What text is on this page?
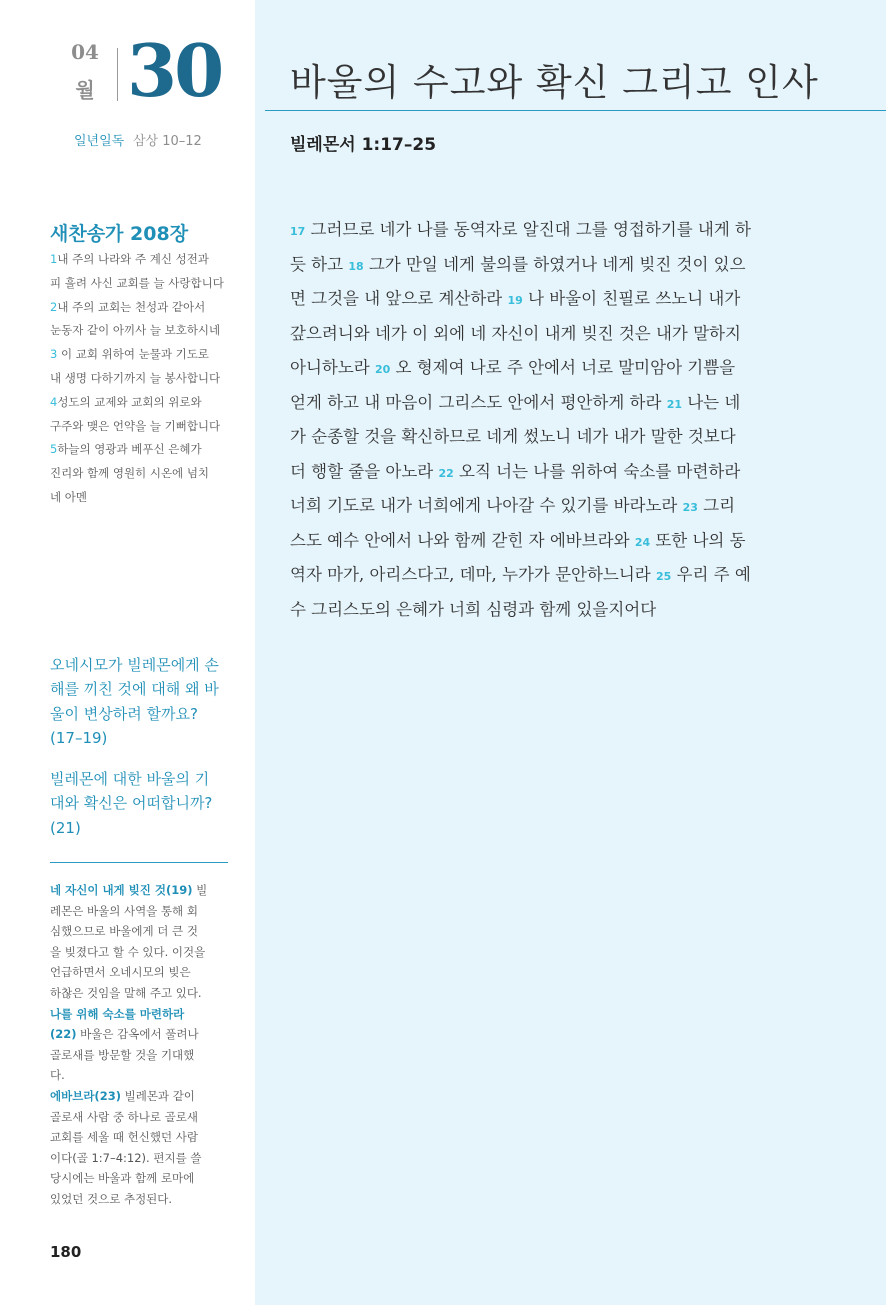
04
월 30
일년일독 삼상 10–12
바울의 수고와 확신 그리고 인사
빌레몬서 1:17–25
17 그러므로 네가 나를 동역자로 알진대 그를 영접하기를 내게 하
듯 하고 18 그가 만일 네게 불의를 하였거나 네게 빚진 것이 있으
면 그것을 내 앞으로 계산하라 19 나 바울이 친필로 쓰노니 내가
갚으려니와 네가 이 외에 네 자신이 내게 빚진 것은 내가 말하지
아니하노라 20 오 형제여 나로 주 안에서 너로 말미암아 기쁨을
얻게 하고 내 마음이 그리스도 안에서 평안하게 하라 21 나는 네
가 순종할 것을 확신하므로 네게 썼노니 네가 내가 말한 것보다
더 행할 줄을 아노라 22 오직 너는 나를 위하여 숙소를 마련하라
너희 기도로 내가 너희에게 나아갈 수 있기를 바라노라 23 그리
스도 예수 안에서 나와 함께 갇힌 자 에바브라와 24 또한 나의 동
역자 마가, 아리스다고, 데마, 누가가 문안하느니라 25 우리 주 예
수 그리스도의 은혜가 너희 심령과 함께 있을지어다
새찬송가 208장
1내 주의 나라와 주 계신 성전과
피 흘려 사신 교회를 늘 사랑합니다
2내 주의 교회는 천성과 같아서
눈동자 같이 아끼사 늘 보호하시네
3 이 교회 위하여 눈물과 기도로
내 생명 다하기까지 늘 봉사합니다
4성도의 교제와 교회의 위로와
구주와 맺은 언약을 늘 기뻐합니다
5하늘의 영광과 베푸신 은혜가
진리와 함께 영원히 시온에 넘치
네 아멘
오네시모가 빌레몬에게 손
해를 끼친 것에 대해 왜 바
울이 변상하려 할까요?
(17–19)
빌레몬에 대한 바울의 기
대와 확신은 어떠합니까?
(21)
네 자신이 내게 빚진 것(19) 빌
레몬은 바울의 사역을 통해 회
심했으므로 바울에게 더 큰 것
을 빚졌다고 할 수 있다. 이것을
언급하면서 오네시모의 빚은
하찮은 것임을 말해 주고 있다.
나를 위해 숙소를 마련하라
(22) 바울은 감옥에서 풀려나
골로새를 방문할 것을 기대했
다.
에바브라(23) 빌레몬과 같이
골로새 사람 중 하나로 골로새
교회를 세울 때 헌신했던 사람
이다(골 1:7–4:12). 편지를 쓸
당시에는 바울과 함께 로마에
있었던 것으로 추정된다.
180
